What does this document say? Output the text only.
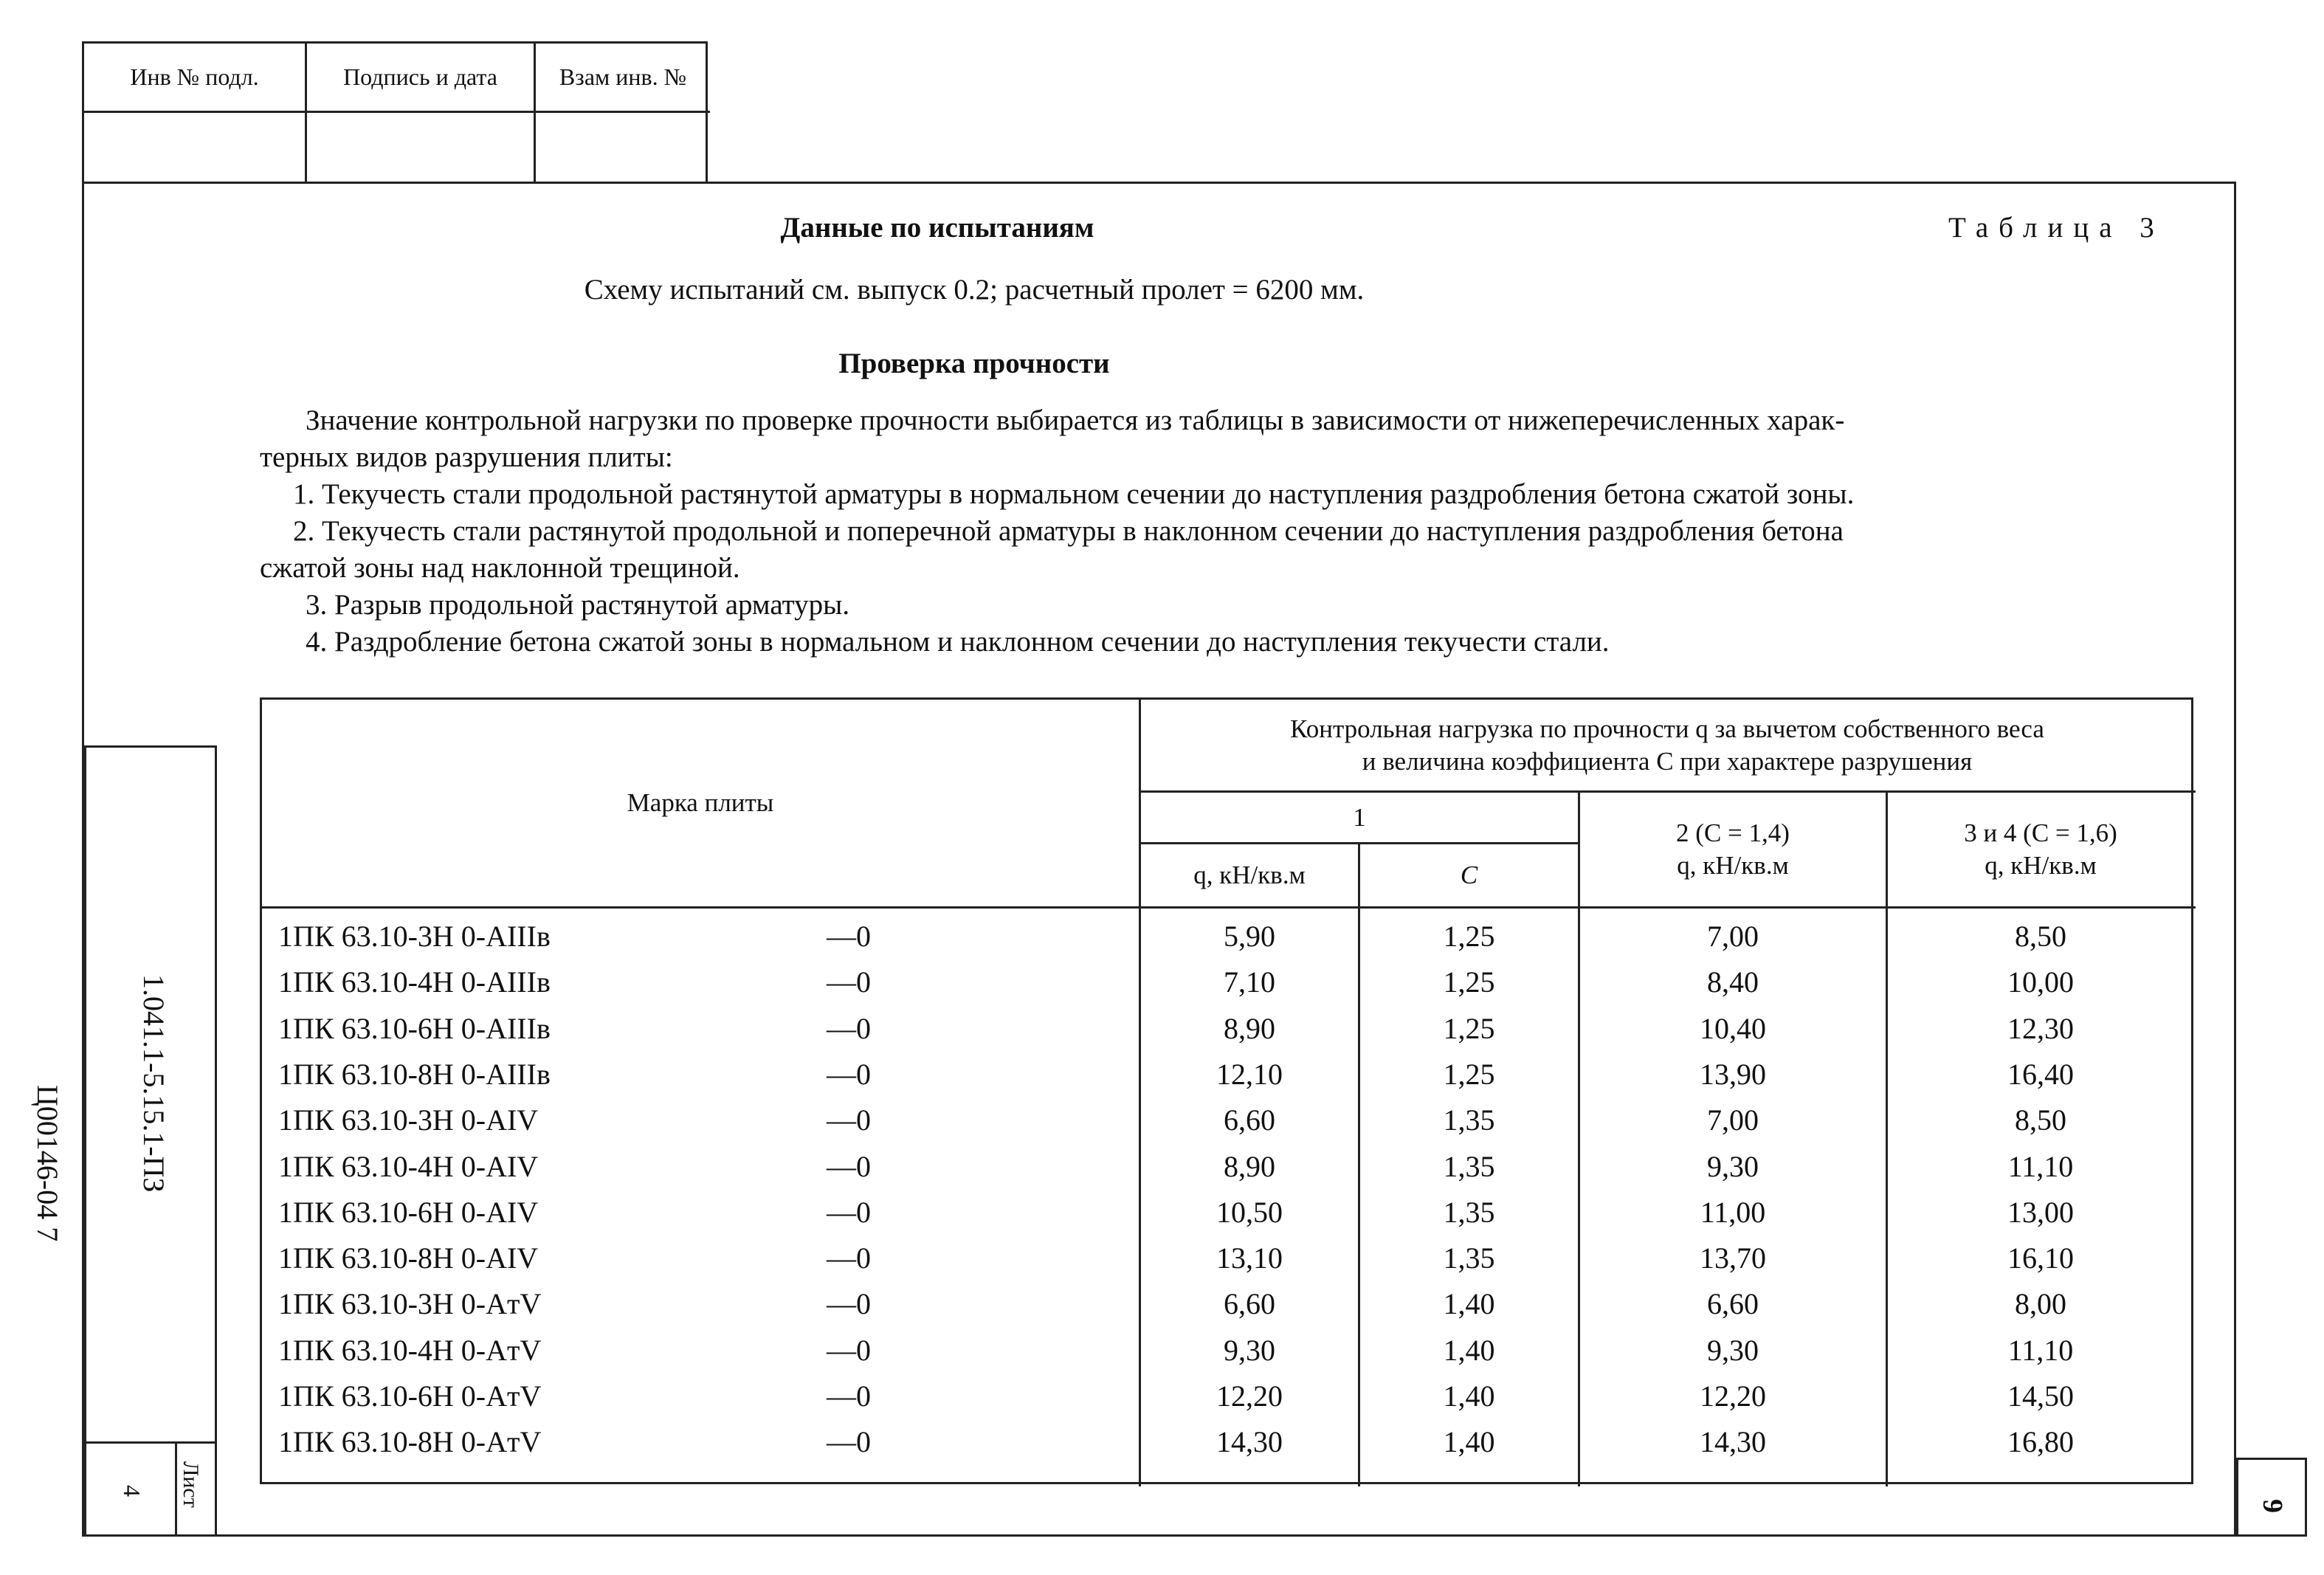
Инв № подл.	Подпись и дата	Взам инв. №
Данные по испытаниям	Таблица 3
Схему испытаний см. выпуск 0.2; расчетный пролет = 6200 мм.
Проверка прочности
Значение контрольной нагрузки по проверке прочности выбирается из таблицы в зависимости от нижеперечисленных харак-
терных видов разрушения плиты:
1. Текучесть стали продольной растянутой арматуры в нормальном сечении до наступления раздробления бетона сжатой зоны.
2. Текучесть стали растянутой продольной и поперечной арматуры в наклонном сечении до наступления раздробления бетона
сжатой зоны над наклонной трещиной.
3. Разрыв продольной растянутой арматуры.
4. Раздробление бетона сжатой зоны в нормальном и наклонном сечении до наступления текучести стали.
Марка плиты
Контрольная нагрузка по прочности q за вычетом собственного веса
и величина коэффициента C при характере разрушения
1
q, кН/кв.м	C
2 (C = 1,4)
q, кН/кв.м
3 и 4 (C = 1,6)
q, кН/кв.м
1ПК 63.10-3Н 0-AIIIв	—0	5,90	1,25	7,00	8,50
1ПК 63.10-4Н 0-AIIIв	—0	7,10	1,25	8,40	10,00
1ПК 63.10-6Н 0-AIIIв	—0	8,90	1,25	10,40	12,30
1ПК 63.10-8Н 0-AIIIв	—0	12,10	1,25	13,90	16,40
1ПК 63.10-3Н 0-AIV	—0	6,60	1,35	7,00	8,50
1ПК 63.10-4Н 0-AIV	—0	8,90	1,35	9,30	11,10
1ПК 63.10-6Н 0-AIV	—0	10,50	1,35	11,00	13,00
1ПК 63.10-8Н 0-AIV	—0	13,10	1,35	13,70	16,10
1ПК 63.10-3Н 0-AтV	—0	6,60	1,40	6,60	8,00
1ПК 63.10-4Н 0-AтV	—0	9,30	1,40	9,30	11,10
1ПК 63.10-6Н 0-AтV	—0	12,20	1,40	12,20	14,50
1ПК 63.10-8Н 0-AтV	—0	14,30	1,40	14,30	16,80
1.041.1-5.15.1-ПЗ
Ц00146-04 7
Лист
4
6
